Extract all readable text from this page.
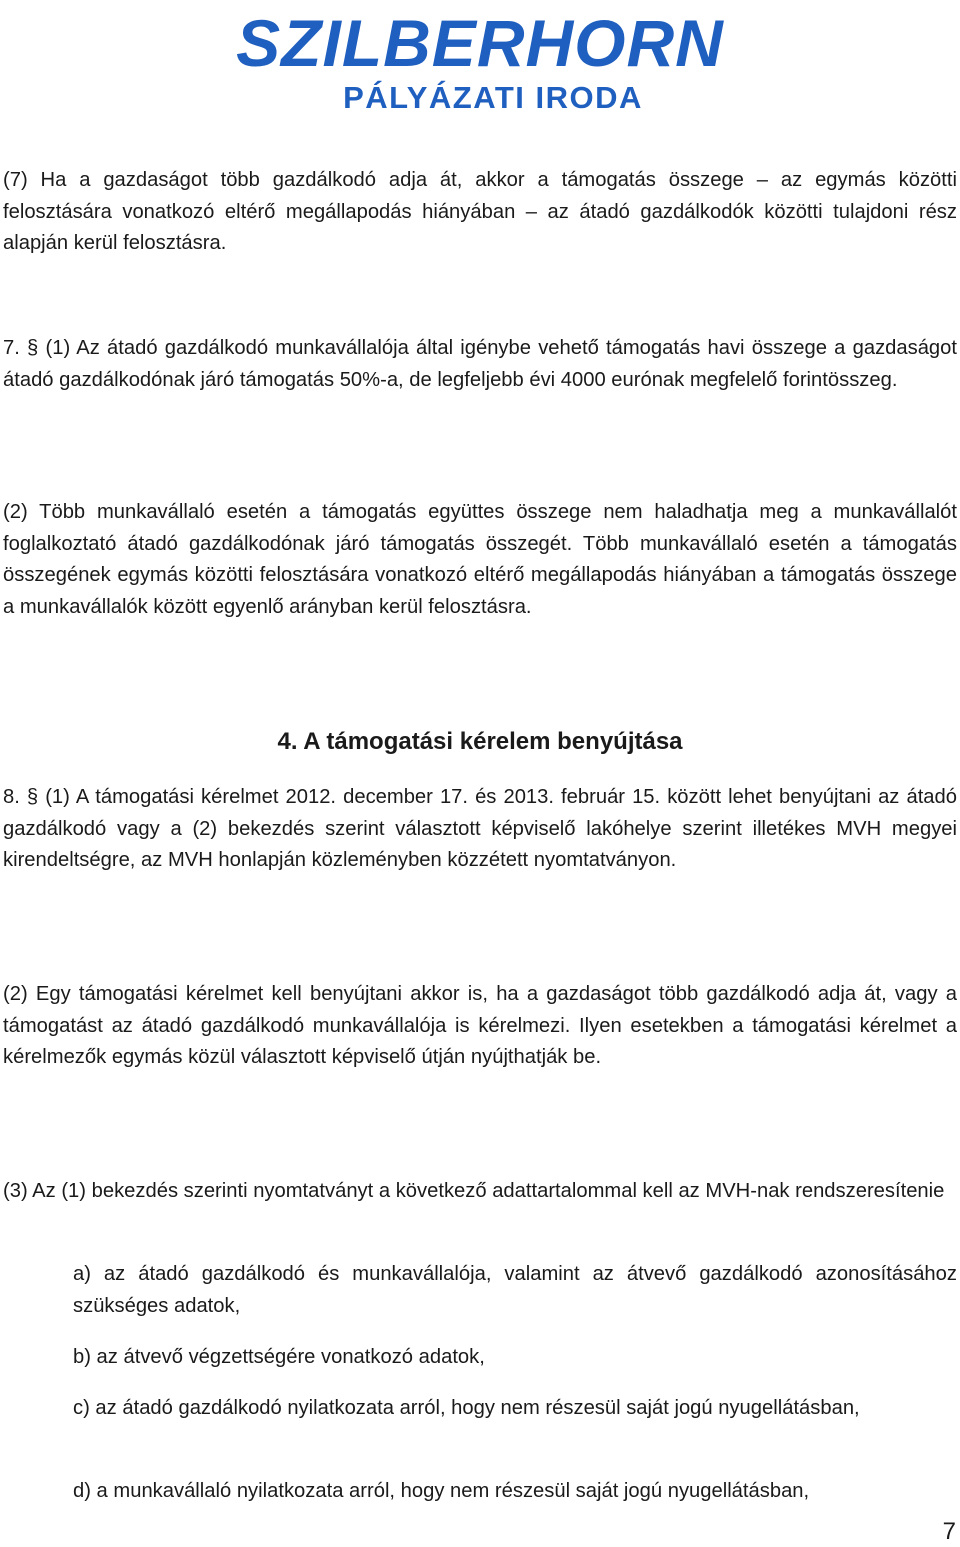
SZILBERHORN
PÁLYÁZATI IRODA

(7) Ha a gazdaságot több gazdálkodó adja át, akkor a támogatás összege – az egymás közötti felosztására vonatkozó eltérő megállapodás hiányában – az átadó gazdálkodók közötti tulajdoni rész alapján kerül felosztásra.

7. § (1) Az átadó gazdálkodó munkavállalója által igénybe vehető támogatás havi összege a gazdaságot átadó gazdálkodónak járó támogatás 50%-a, de legfeljebb évi 4000 eurónak megfelelő forintösszeg.

(2) Több munkavállaló esetén a támogatás együttes összege nem haladhatja meg a munkavállalót foglalkoztató átadó gazdálkodónak járó támogatás összegét. Több munkavállaló esetén a támogatás összegének egymás közötti felosztására vonatkozó eltérő megállapodás hiányában a támogatás összege a munkavállalók között egyenlő arányban kerül felosztásra.

4. A támogatási kérelem benyújtása

8. § (1) A támogatási kérelmet 2012. december 17. és 2013. február 15. között lehet benyújtani az átadó gazdálkodó vagy a (2) bekezdés szerint választott képviselő lakóhelye szerint illetékes MVH megyei kirendeltségre, az MVH honlapján közleményben közzétett nyomtatványon.

(2) Egy támogatási kérelmet kell benyújtani akkor is, ha a gazdaságot több gazdálkodó adja át, vagy a támogatást az átadó gazdálkodó munkavállalója is kérelmezi. Ilyen esetekben a támogatási kérelmet a kérelmezők egymás közül választott képviselő útján nyújthatják be.

(3) Az (1) bekezdés szerinti nyomtatványt a következő adattartalommal kell az MVH-nak rendszeresítenie

a) az átadó gazdálkodó és munkavállalója, valamint az átvevő gazdálkodó azonosításához szükséges adatok,

b) az átvevő végzettségére vonatkozó adatok,

c) az átadó gazdálkodó nyilatkozata arról, hogy nem részesül saját jogú nyugellátásban,

d) a munkavállaló nyilatkozata arról, hogy nem részesül saját jogú nyugellátásban,

7
